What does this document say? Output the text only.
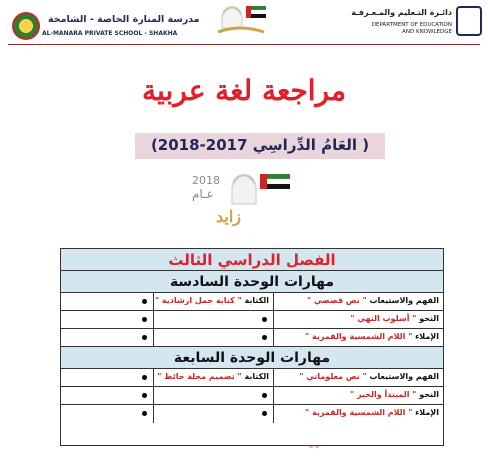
مدرسة المنارة الخاصة - الشامخة
AL-MANARA PRIVATE SCHOOL - SHAKHA
دائـرة التـعليم والمـعـرفـة
DEPARTMENT OF EDUCATION
AND KNOWLEDGE
مراجعة لغة عربية
( العَامُ الدِّراسِي 2017-2018)
2018
عـام
زايد
الفصل الدراسي الثالث
مهارات الوحدة السادسة
الفهم والاستيعاب " نص قصصي "
الكتابة " كتابة جمل ارشادية "
النحو " أسلوب النهي "
الإملاء " اللام الشمسية والقمرية "
مهارات الوحدة السابعة
الفهم والاستيعاب " نص معلوماتي "
الكتابة " تصميم مجلة حائط "
النحو " المبتدأ والخبر "
الإملاء " اللام الشمسية والقمرية "
